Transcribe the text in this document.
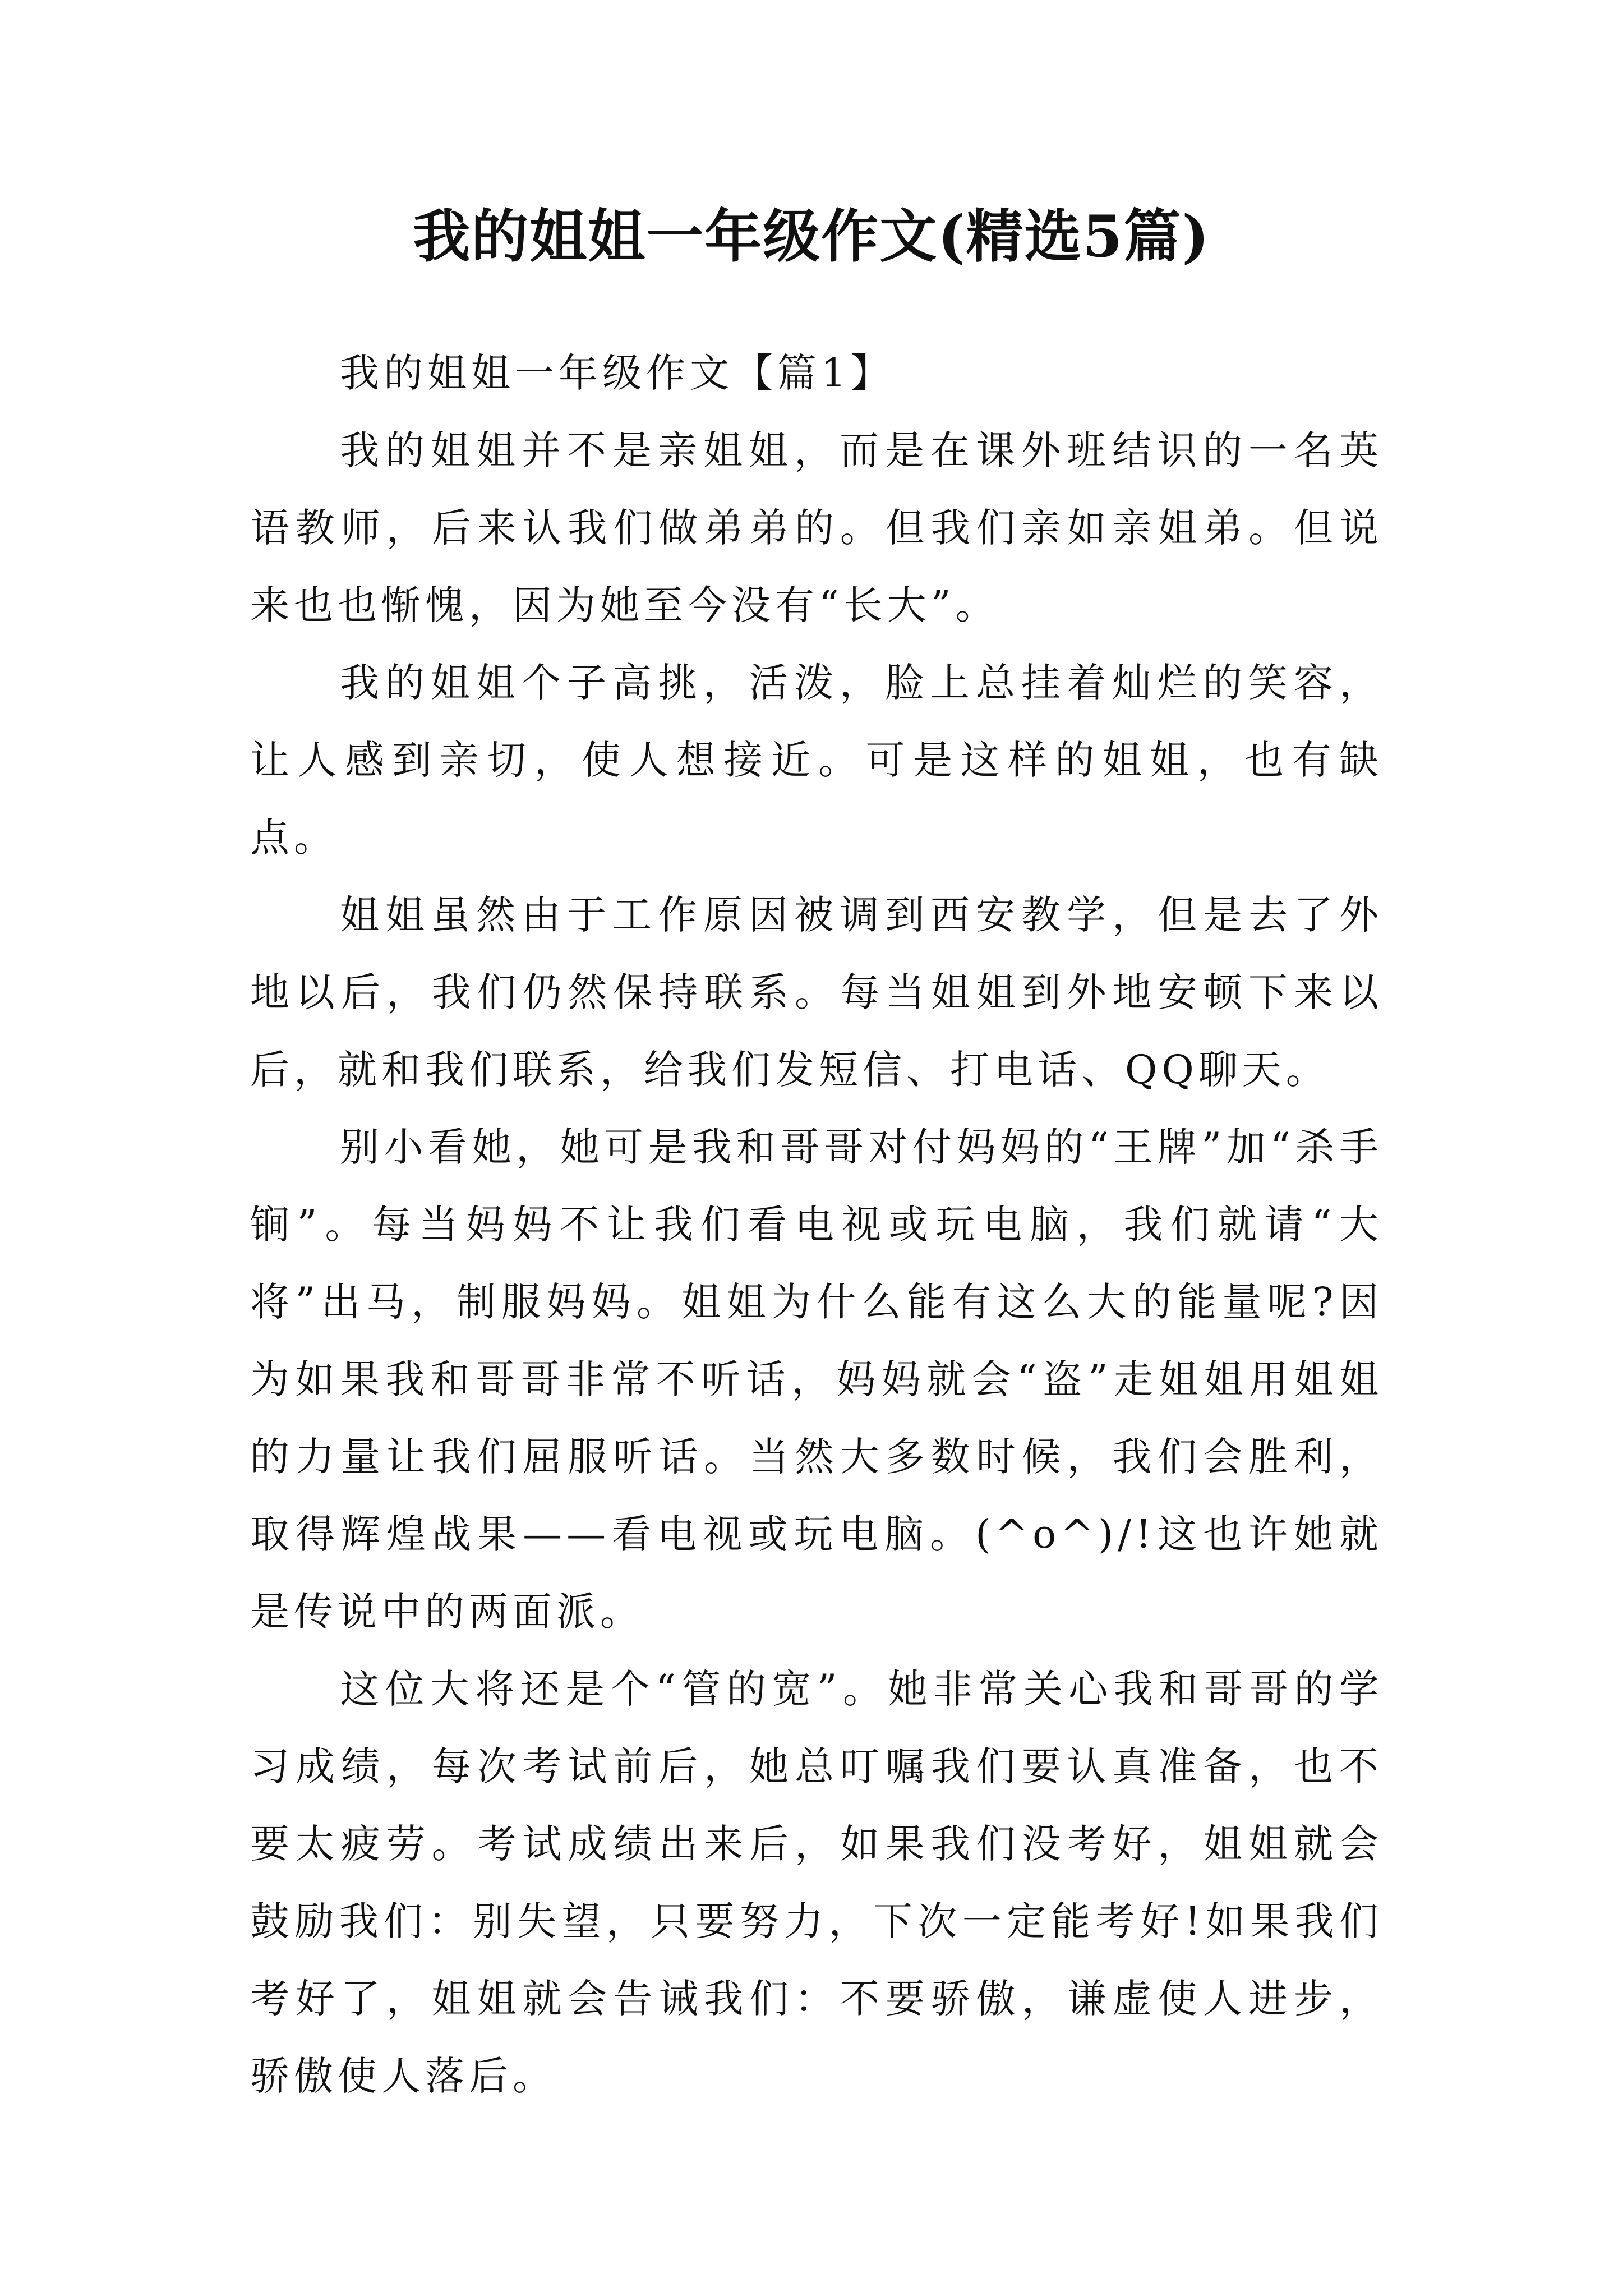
我的姐姐一年级作文(精选5篇)

我的姐姐一年级作文【篇1】

我的姐姐并不是亲姐姐，而是在课外班结识的一名英语教师，后来认我们做弟弟的。但我们亲如亲姐弟。但说来也也惭愧，因为她至今没有“长大”。

我的姐姐个子高挑，活泼，脸上总挂着灿烂的笑容，让人感到亲切，使人想接近。可是这样的姐姐，也有缺点。

姐姐虽然由于工作原因被调到西安教学，但是去了外地以后，我们仍然保持联系。每当姐姐到外地安顿下来以后，就和我们联系，给我们发短信、打电话、QQ聊天。

别小看她，她可是我和哥哥对付妈妈的“王牌”加“杀手锏”。每当妈妈不让我们看电视或玩电脑，我们就请“大将”出马，制服妈妈。姐姐为什么能有这么大的能量呢?因为如果我和哥哥非常不听话，妈妈就会“盗”走姐姐用姐姐的力量让我们屈服听话。当然大多数时候，我们会胜利，取得辉煌战果——看电视或玩电脑。(^o^)/!这也许她就是传说中的两面派。

这位大将还是个“管的宽”。她非常关心我和哥哥的学习成绩，每次考试前后，她总叮嘱我们要认真准备，也不要太疲劳。考试成绩出来后，如果我们没考好，姐姐就会鼓励我们：别失望，只要努力，下次一定能考好!如果我们考好了，姐姐就会告诫我们：不要骄傲，谦虚使人进步，骄傲使人落后。
